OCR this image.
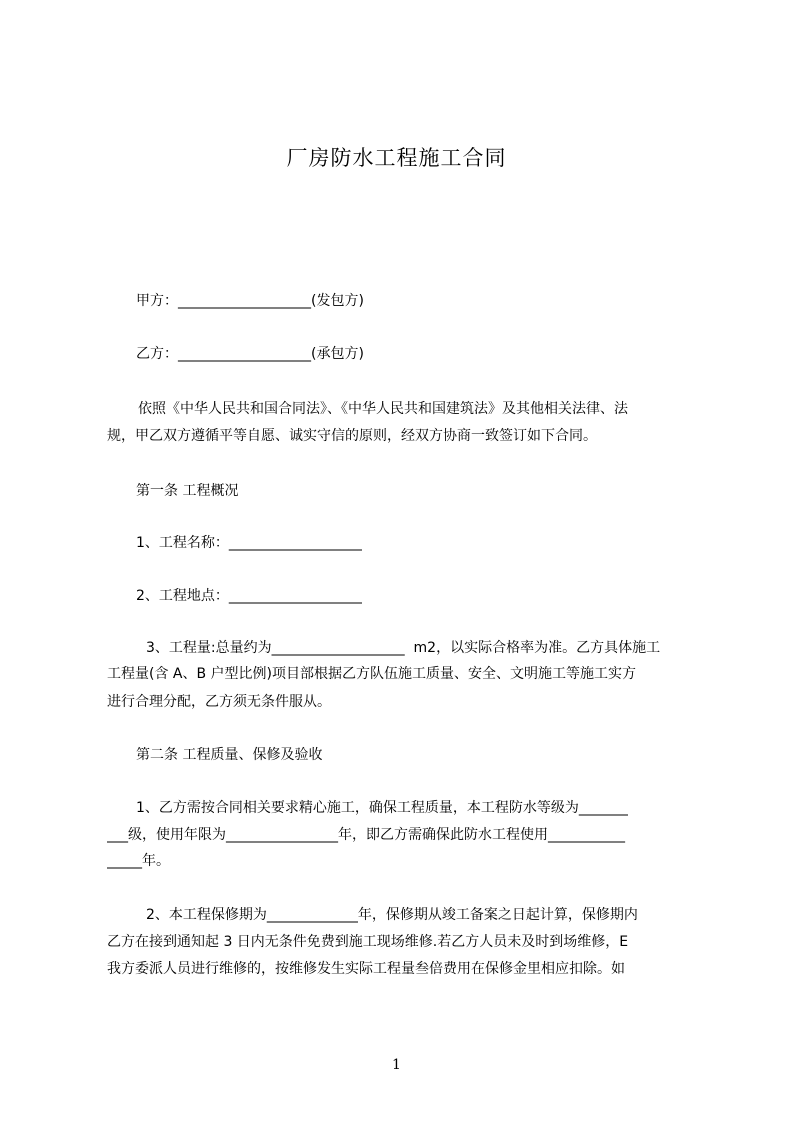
厂房防水工程施工合同
甲方：___________________(发包方)
乙方：___________________(承包方)
依照《中华人民共和国合同法》、《中华人民共和国建筑法》及其他相关法律、法
规，甲乙双方遵循平等自愿、诚实守信的原则，经双方协商一致签订如下合同。
第一条 工程概况
1、工程名称：___________________
2、工程地点：___________________
3、工程量:总量约为___________________  m2，以实际合格率为准。乙方具体施工
工程量(含 A、B 户型比例)项目部根据乙方队伍施工质量、安全、文明施工等施工实方
进行合理分配，乙方须无条件服从。
第二条 工程质量、保修及验收
1、乙方需按合同相关要求精心施工，确保工程质量，本工程防水等级为_______
___级，使用年限为________________年，即乙方需确保此防水工程使用___________
_____年。
2、本工程保修期为_____________年，保修期从竣工备案之日起计算，保修期内
乙方在接到通知起 3 日内无条件免费到施工现场维修.若乙方人员未及时到场维修，E
我方委派人员进行维修的，按维修发生实际工程量叁倍费用在保修金里相应扣除。如
1
